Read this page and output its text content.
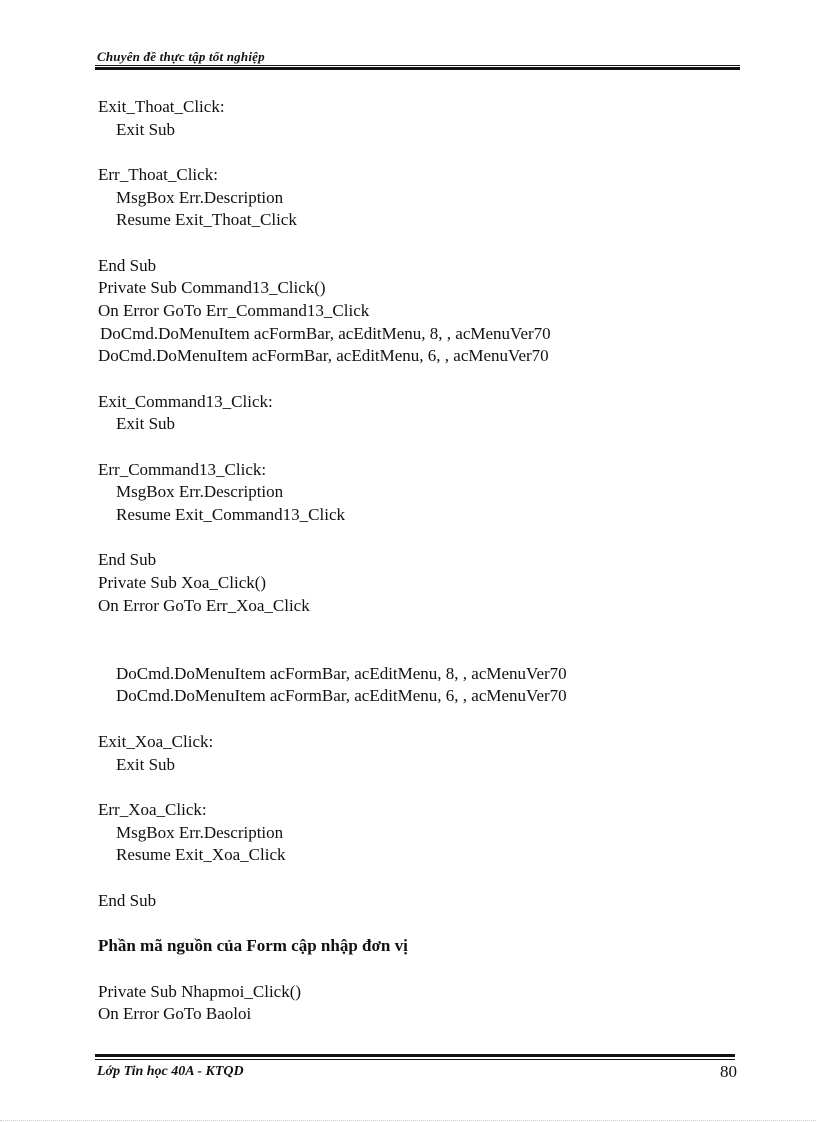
Chuyên đề thực tập tốt nghiệp
Exit_Thoat_Click:
Exit Sub
Err_Thoat_Click:
MsgBox Err.Description
Resume Exit_Thoat_Click
End Sub
Private Sub Command13_Click()
On Error GoTo Err_Command13_Click
DoCmd.DoMenuItem acFormBar, acEditMenu, 8, , acMenuVer70
DoCmd.DoMenuItem acFormBar, acEditMenu, 6, , acMenuVer70
Exit_Command13_Click:
Exit Sub
Err_Command13_Click:
MsgBox Err.Description
Resume Exit_Command13_Click
End Sub
Private Sub Xoa_Click()
On Error GoTo Err_Xoa_Click
DoCmd.DoMenuItem acFormBar, acEditMenu, 8, , acMenuVer70
DoCmd.DoMenuItem acFormBar, acEditMenu, 6, , acMenuVer70
Exit_Xoa_Click:
Exit Sub
Err_Xoa_Click:
MsgBox Err.Description
Resume Exit_Xoa_Click
End Sub
Phần mã nguồn của Form cập nhập đơn vị
Private Sub Nhapmoi_Click()
On Error GoTo Baoloi
Lớp Tin học 40A - KTQD	80
